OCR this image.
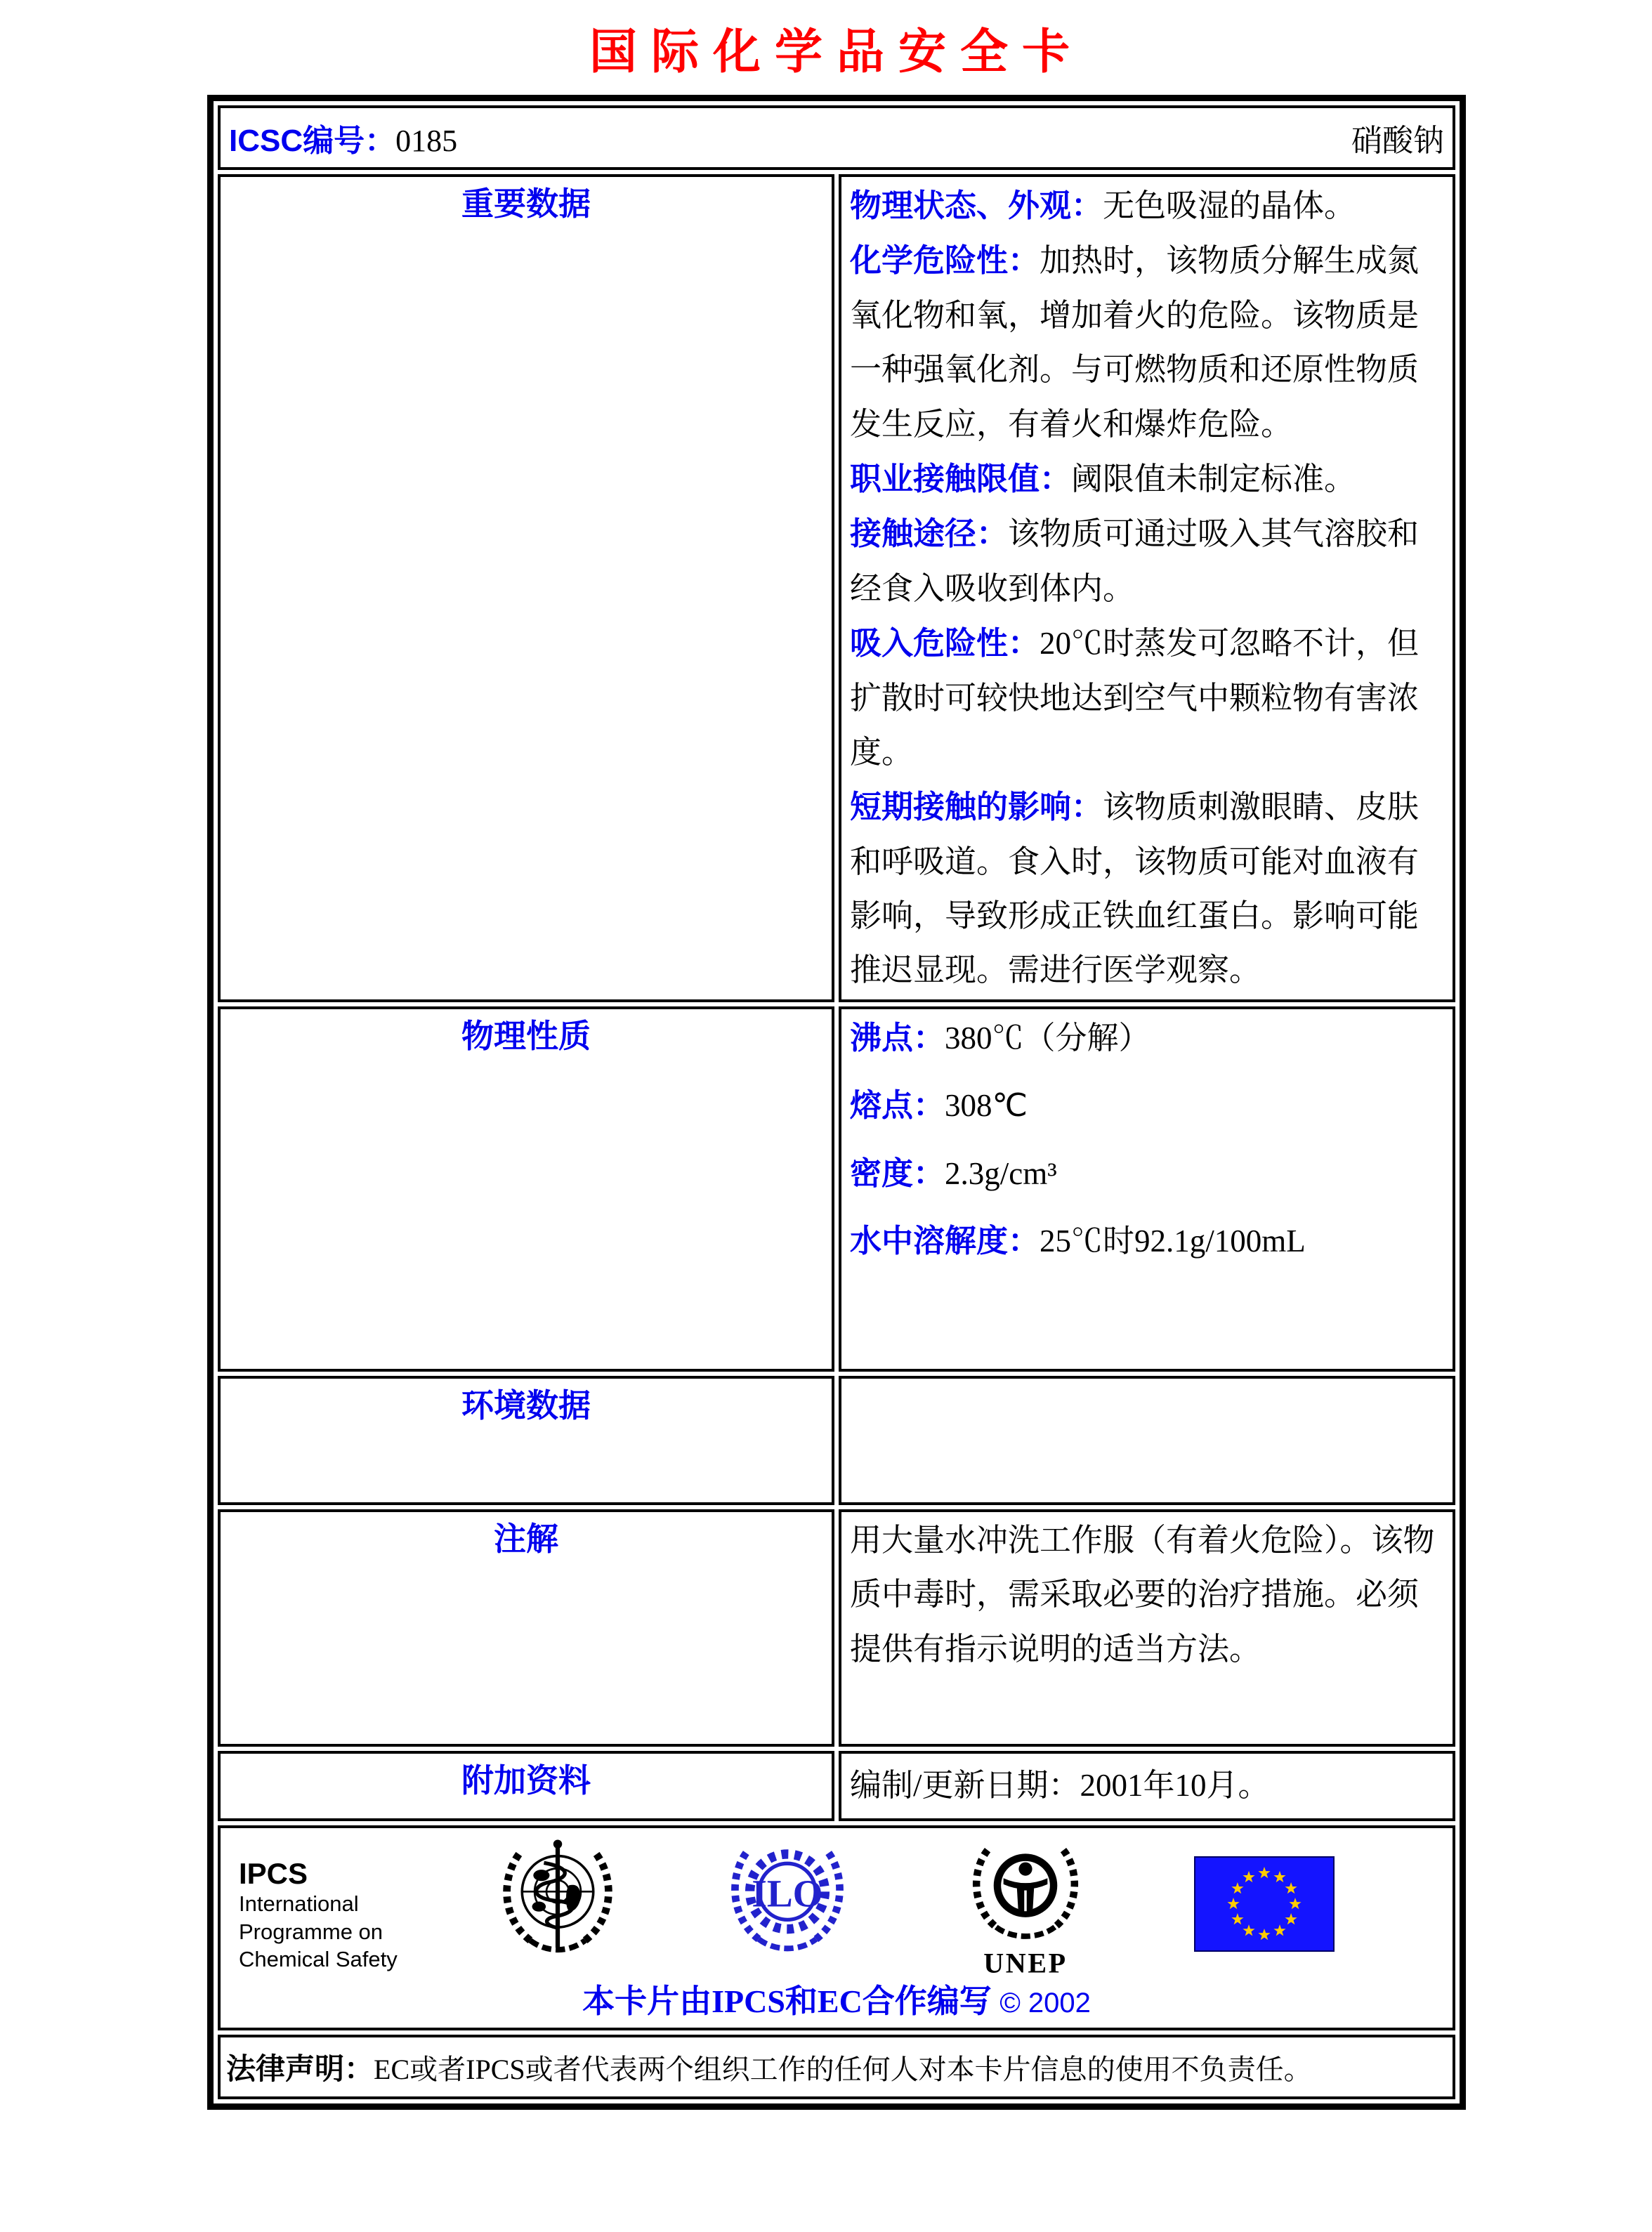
国际化学品安全卡
ICSC编号：0185 硝酸钠	

重要数据	物理状态、外观：无色吸湿的晶体。

化学危险性：加热时，该物质分解生成氮氧化物和氧，增加着火的危险。该物质是一种强氧化剂。与可燃物质和还原性物质发生反应，有着火和爆炸危险。

职业接触限值：阈限值未制定标准。

接触途径：该物质可通过吸入其气溶胶和经食入吸收到体内。

吸入危险性：20℃时蒸发可忽略不计，但扩散时可较快地达到空气中颗粒物有害浓度。

短期接触的影响：该物质刺激眼睛、皮肤和呼吸道。食入时，该物质可能对血液有影响，导致形成正铁血红蛋白。影响可能推迟显现。需进行医学观察。

物理性质	沸点：380℃（分解）

熔点：308℃

密度：2.3g/cm³

水中溶解度：25℃时92.1g/100mL

环境数据	
注解	用大量水冲洗工作服（有着火危险）。该物质中毒时，需采取必要的治疗措施。必须提供有指示说明的适当方法。

附加资料	编制/更新日期：2001年10月。

IPCS
International
Programme on
Chemical Safety
ILO
UNEP
本卡片由IPCS和EC合作编写 © 2002

法律声明：EC或者IPCS或者代表两个组织工作的任何人对本卡片信息的使用不负责任。	
